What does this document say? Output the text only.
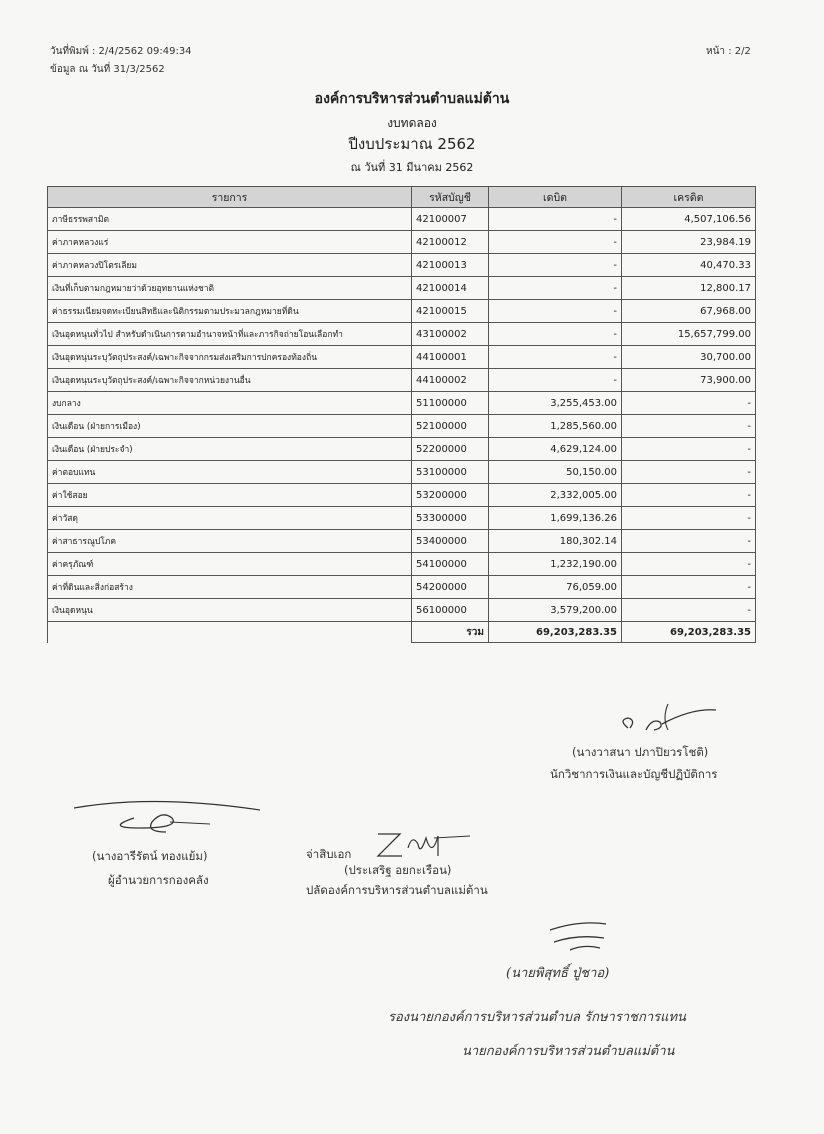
วันที่พิมพ์ : 2/4/2562 09:49:34
ข้อมูล ณ วันที่ 31/3/2562
หน้า : 2/2
องค์การบริหารส่วนตำบลแม่ต้าน
งบทดลอง
ปีงบประมาณ 2562
ณ วันที่ 31 มีนาคม 2562
รายการ	รหัสบัญชี	เดบิต	เครดิต
ภาษีธรรพสามิต	42100007	-	4,507,106.56
ค่าภาคหลวงแร่	42100012	-	23,984.19
ค่าภาคหลวงปิโตรเลียม	42100013	-	40,470.33
เงินที่เก็บตามกฎหมายว่าด้วยอุทยานแห่งชาติ	42100014	-	12,800.17
ค่าธรรมเนียมจดทะเบียนสิทธิและนิติกรรมตามประมวลกฎหมายที่ดิน	42100015	-	67,968.00
เงินอุดหนุนทั่วไป สำหรับดำเนินการตามอำนาจหน้าที่และภารกิจถ่ายโอนเลือกทำ	43100002	-	15,657,799.00
เงินอุดหนุนระบุวัตถุประสงค์/เฉพาะกิจจากกรมส่งเสริมการปกครองท้องถิ่น	44100001	-	30,700.00
เงินอุดหนุนระบุวัตถุประสงค์/เฉพาะกิจจากหน่วยงานอื่น	44100002	-	73,900.00
งบกลาง	51100000	3,255,453.00	-
เงินเดือน (ฝ่ายการเมือง)	52100000	1,285,560.00	-
เงินเดือน (ฝ่ายประจำ)	52200000	4,629,124.00	-
ค่าตอบแทน	53100000	50,150.00	-
ค่าใช้สอย	53200000	2,332,005.00	-
ค่าวัสดุ	53300000	1,699,136.26	-
ค่าสาธารณูปโภค	53400000	180,302.14	-
ค่าครุภัณฑ์	54100000	1,232,190.00	-
ค่าที่ดินและสิ่งก่อสร้าง	54200000	76,059.00	-
เงินอุดหนุน	56100000	3,579,200.00	-
	รวม	69,203,283.35	69,203,283.35
(นางวาสนา ปภาปิยวรโชติ)
นักวิชาการเงินและบัญชีปฏิบัติการ
(นางอารีรัตน์ ทองแย้ม)
ผู้อำนวยการกองคลัง
จ่าสิบเอก
(ประเสริฐ อยกะเรือน)
ปลัดองค์การบริหารส่วนตำบลแม่ต้าน
(นายพิสุทธิ์ ปู่ชาอ)
รองนายกองค์การบริหารส่วนตำบล รักษาราชการแทน
นายกองค์การบริหารส่วนตำบลแม่ต้าน
